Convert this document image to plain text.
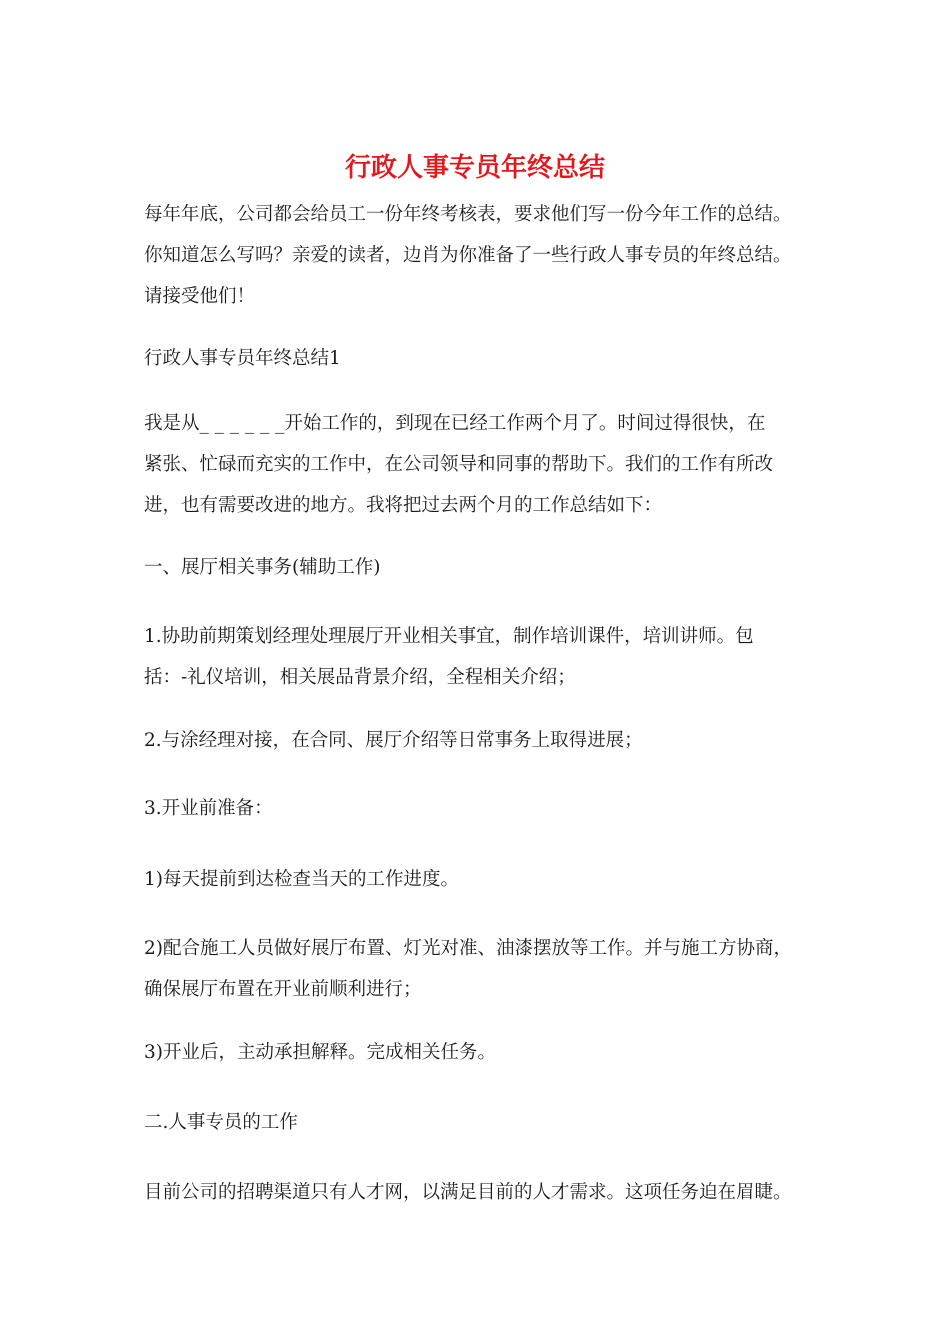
行政人事专员年终总结

每年年底，公司都会给员工一份年终考核表，要求他们写一份今年工作的总结。
你知道怎么写吗？亲爱的读者，边肖为你准备了一些行政人事专员的年终总结。
请接受他们！

行政人事专员年终总结1

我是从_ _ _ _ _ _开始工作的，到现在已经工作两个月了。时间过得很快，在
紧张、忙碌而充实的工作中，在公司领导和同事的帮助下。我们的工作有所改
进，也有需要改进的地方。我将把过去两个月的工作总结如下：

一、展厅相关事务(辅助工作)

1.协助前期策划经理处理展厅开业相关事宜，制作培训课件，培训讲师。包
括：-礼仪培训，相关展品背景介绍，全程相关介绍；

2.与涂经理对接，在合同、展厅介绍等日常事务上取得进展；

3.开业前准备：

1)每天提前到达检查当天的工作进度。

2)配合施工人员做好展厅布置、灯光对准、油漆摆放等工作。并与施工方协商，
确保展厅布置在开业前顺利进行；

3)开业后，主动承担解释。完成相关任务。

二.人事专员的工作

目前公司的招聘渠道只有人才网，以满足目前的人才需求。这项任务迫在眉睫。
